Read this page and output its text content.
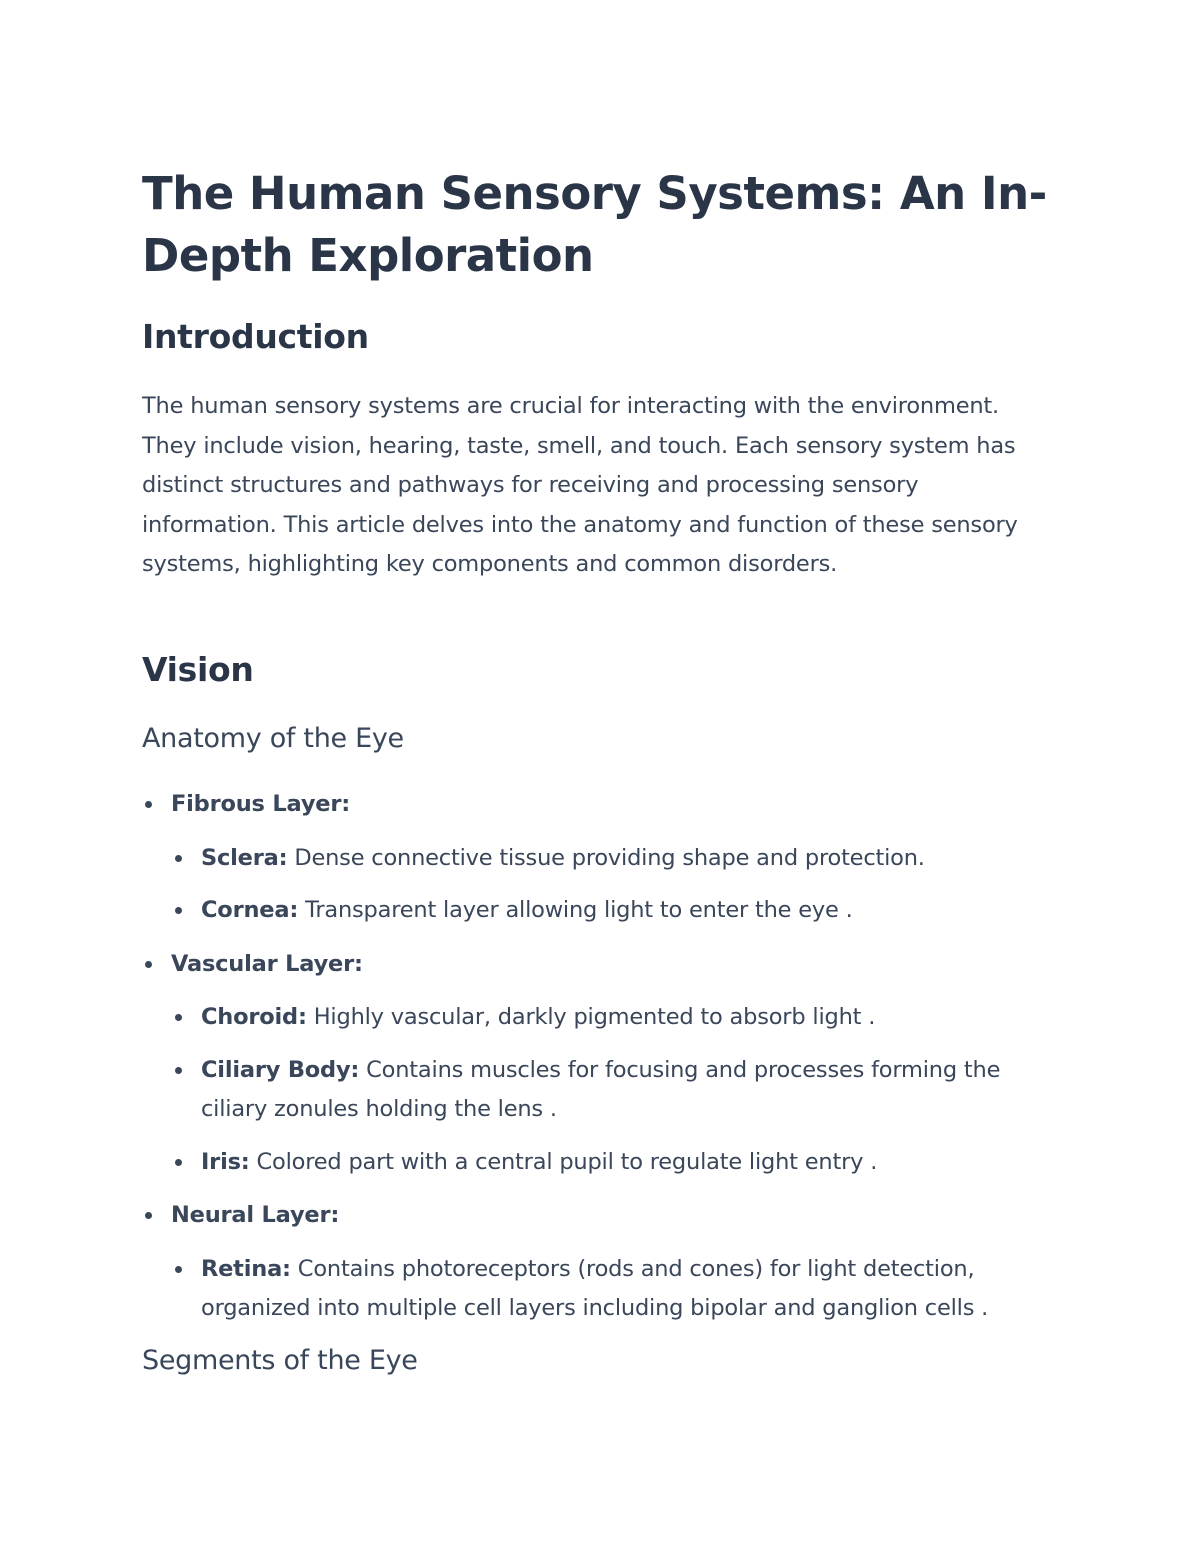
The Human Sensory Systems: An In-Depth Exploration
Introduction

The human sensory systems are crucial for interacting with the environment. They include vision, hearing, taste, smell, and touch. Each sensory system has distinct structures and pathways for receiving and processing sensory information. This article delves into the anatomy and function of these sensory systems, highlighting key components and common disorders.

Vision
Anatomy of the Eye
Fibrous Layer:
Sclera: Dense connective tissue providing shape and protection.
Cornea: Transparent layer allowing light to enter the eye .
Vascular Layer:
Choroid: Highly vascular, darkly pigmented to absorb light .
Ciliary Body: Contains muscles for focusing and processes forming the ciliary zonules holding the lens .
Iris: Colored part with a central pupil to regulate light entry .
Neural Layer:
Retina: Contains photoreceptors (rods and cones) for light detection, organized into multiple cell layers including bipolar and ganglion cells .
Segments of the Eye
